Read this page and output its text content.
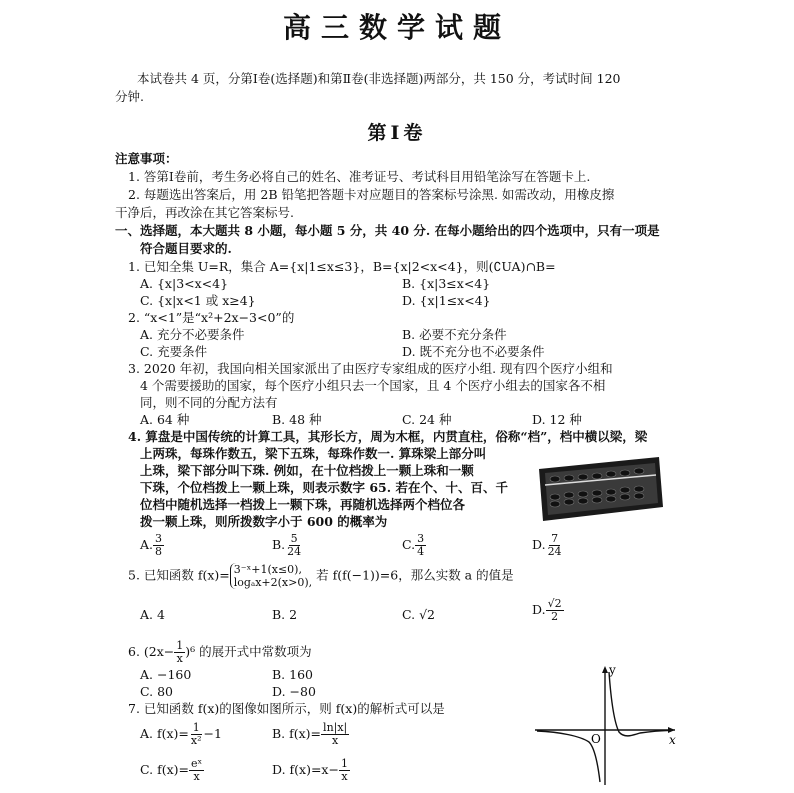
高三数学试题
本试卷共 4 页，分第Ⅰ卷(选择题)和第Ⅱ卷(非选择题)两部分，共 150 分，考试时间 120
分钟.
第Ⅰ卷
注意事项：
1. 答第Ⅰ卷前，考生务必将自己的姓名、准考证号、考试科目用铅笔涂写在答题卡上.
2. 每题选出答案后，用 2B 铅笔把答题卡对应题目的答案标号涂黑. 如需改动，用橡皮擦
干净后，再改涂在其它答案标号.
一、选择题，本大题共 8 小题，每小题 5 分，共 40 分. 在每小题给出的四个选项中，只有一项是
符合题目要求的.
1. 已知全集 U=R，集合 A={x|1≤x≤3}，B={x|2<x<4}，则(∁UA)∩B=
A. {x|3<x<4}	B. {x|3≤x<4}
C. {x|x<1 或 x≥4}	D. {x|1≤x<4}
2. “x<1”是“x²+2x−3<0”的
A. 充分不必要条件	B. 必要不充分条件
C. 充要条件	D. 既不充分也不必要条件
3. 2020 年初，我国向相关国家派出了由医疗专家组成的医疗小组. 现有四个医疗小组和
4 个需要援助的国家，每个医疗小组只去一个国家，且 4 个医疗小组去的国家各不相
同，则不同的分配方法有
A. 64 种	B. 48 种	C. 24 种	D. 12 种
4. 算盘是中国传统的计算工具，其形长方，周为木框，内贯直柱，俗称“档”，档中横以梁，梁
上两珠，每珠作数五，梁下五珠，每珠作数一. 算珠梁上部分叫
上珠，梁下部分叫下珠. 例如，在十位档拨上一颗上珠和一颗
下珠，个位档拨上一颗上珠，则表示数字 65. 若在个、十、百、千
位档中随机选择一档拨上一颗下珠，再随机选择两个档位各
拨一颗上珠，则所拨数字小于 600 的概率为
A. $\frac{3}{8}$	B. $\frac{5}{24}$	C. $\frac{3}{4}$	D. $\frac{7}{24}$
5. 已知函数 f(x)= 3⁻ˣ+1(x≤0),
logₐx+2(x>0), 若 f(f(−1))=6，那么实数 a 的值是
A. 4	B. 2	C. √2	D. $\frac{√2}{2}$
6. $(2x- \frac{1}{x} )^6$ 的展开式中常数项为
A. −160	B. 160
C. 80	D. −80
7. 已知函数 f(x)的图像如图所示，则 f(x)的解析式可以是
A. $f(x)= \frac{1}{\text{x²}} -1$	B. $f(x)= \frac{\ln|x|}{x}$
C. $f(x)= \frac{\text{eˣ}}{x}$	D. $f(x)=x- \frac{1}{x}$
y
x
O
